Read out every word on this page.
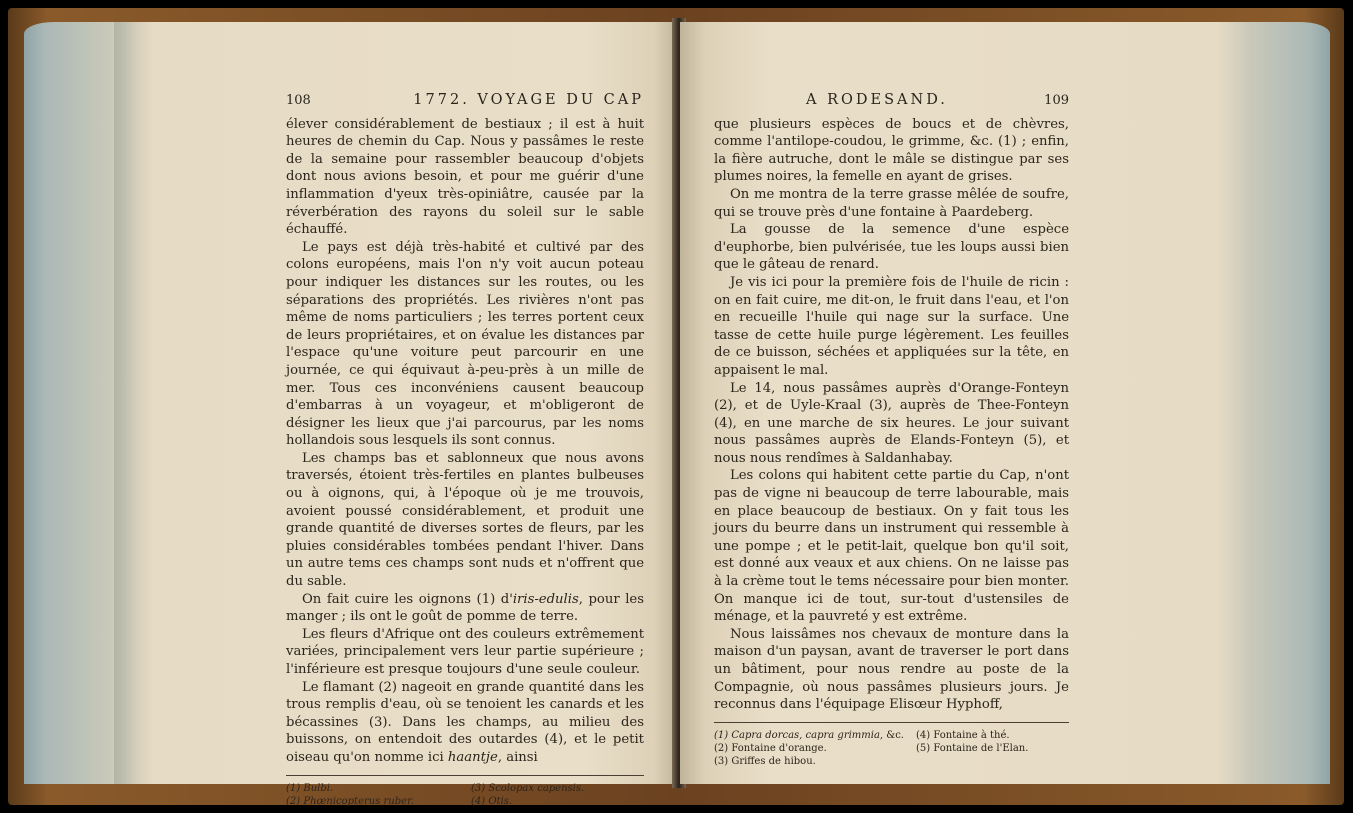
108	1772. VOYAGE DU CAP

élever considérablement de bestiaux ; il est à huit heures de chemin du Cap. Nous y passâmes le reste de la semaine pour rassembler beaucoup d'objets dont nous avions besoin, et pour me guérir d'une inflammation d'yeux très-opiniâtre, causée par la réverbération des rayons du soleil sur le sable échauffé.

Le pays est déjà très-habité et cultivé par des colons européens, mais l'on n'y voit aucun poteau pour indiquer les distances sur les routes, ou les séparations des propriétés. Les rivières n'ont pas même de noms particuliers ; les terres portent ceux de leurs propriétaires, et on évalue les distances par l'espace qu'une voiture peut parcourir en une journée, ce qui équivaut à-peu-près à un mille de mer. Tous ces inconvéniens causent beaucoup d'embarras à un voyageur, et m'obligeront de désigner les lieux que j'ai parcourus, par les noms hollandois sous lesquels ils sont connus.

Les champs bas et sablonneux que nous avons traversés, étoient très-fertiles en plantes bulbeuses ou à oignons, qui, à l'époque où je me trouvois, avoient poussé considérablement, et produit une grande quantité de diverses sortes de fleurs, par les pluies considérables tombées pendant l'hiver. Dans un autre tems ces champs sont nuds et n'offrent que du sable.

On fait cuire les oignons (1) d'iris-edulis, pour les manger ; ils ont le goût de pomme de terre.

Les fleurs d'Afrique ont des couleurs extrêmement variées, principalement vers leur partie supérieure ; l'inférieure est presque toujours d'une seule couleur.

Le flamant (2) nageoit en grande quantité dans les trous remplis d'eau, où se tenoient les canards et les bécassines (3). Dans les champs, au milieu des buissons, on entendoit des outardes (4), et le petit oiseau qu'on nomme ici haantje, ainsi

(1) Bulbi.
(2) Phœnicopterus ruber.
(3) Scolopax capensis.
(4) Otis.
A RODESAND.	109

que plusieurs espèces de boucs et de chèvres, comme l'antilope-coudou, le grimme, &c. (1) ; enfin, la fière autruche, dont le mâle se distingue par ses plumes noires, la femelle en ayant de grises.

On me montra de la terre grasse mêlée de soufre, qui se trouve près d'une fontaine à Paardeberg.

La gousse de la semence d'une espèce d'euphorbe, bien pulvérisée, tue les loups aussi bien que le gâteau de renard.

Je vis ici pour la première fois de l'huile de ricin : on en fait cuire, me dit-on, le fruit dans l'eau, et l'on en recueille l'huile qui nage sur la surface. Une tasse de cette huile purge légèrement. Les feuilles de ce buisson, séchées et appliquées sur la tête, en appaisent le mal.

Le 14, nous passâmes auprès d'Orange-Fonteyn (2), et de Uyle-Kraal (3), auprès de Thee-Fonteyn (4), en une marche de six heures. Le jour suivant nous passâmes auprès de Elands-Fonteyn (5), et nous nous rendîmes à Saldanhabay.

Les colons qui habitent cette partie du Cap, n'ont pas de vigne ni beaucoup de terre labourable, mais en place beaucoup de bestiaux. On y fait tous les jours du beurre dans un instrument qui ressemble à une pompe ; et le petit-lait, quelque bon qu'il soit, est donné aux veaux et aux chiens. On ne laisse pas à la crème tout le tems nécessaire pour bien monter. On manque ici de tout, sur-tout d'ustensiles de ménage, et la pauvreté y est extrême.

Nous laissâmes nos chevaux de monture dans la maison d'un paysan, avant de traverser le port dans un bâtiment, pour nous rendre au poste de la Compagnie, où nous passâmes plusieurs jours. Je reconnus dans l'équipage Elisœur Hyphoff,

(1) Capra dorcas, capra grimmia, &c.
(2) Fontaine d'orange.
(3) Griffes de hibou.
(4) Fontaine à thé.
(5) Fontaine de l'Elan.
